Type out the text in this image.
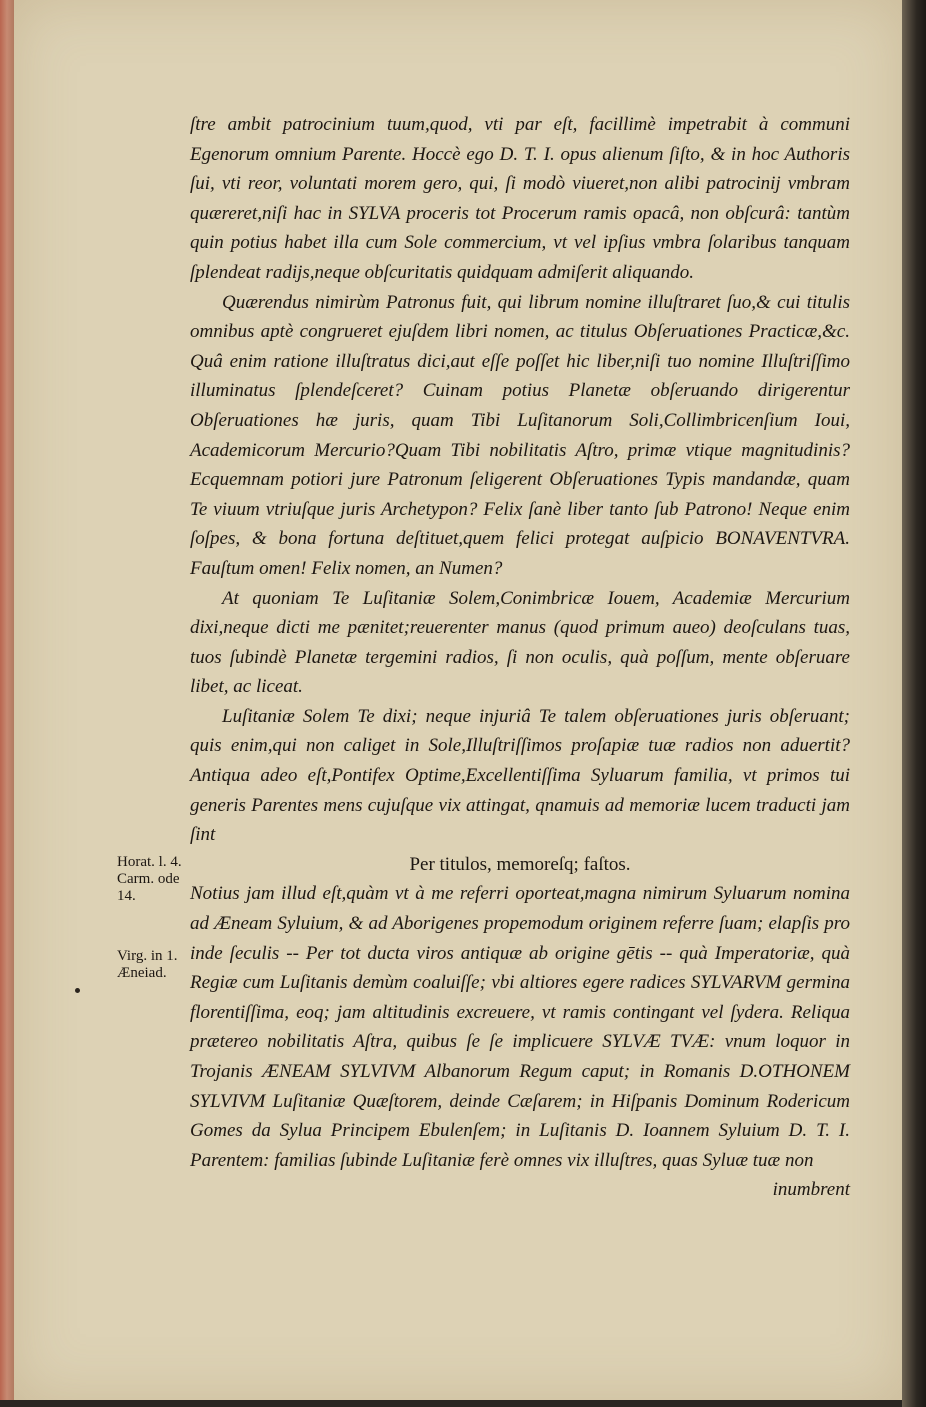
ſtre ambit patrocinium tuum,quod, vti par eſt, facillimè impetrabit à communi Egenorum omnium Parente. Hoccè ego D. T. I. opus alienum ſiſto, & in hoc Authoris ſui, vti reor, voluntati morem gero, qui, ſi modò viueret,non alibi patrocinij vmbram quæreret,niſi hac in SYLVA proceris tot Procerum ramis opacâ, non obſcurâ: tantùm quin potius habet illa cum Sole commercium, vt vel ipſius vmbra ſolaribus tanquam ſplendeat radijs,neque obſcuritatis quidquam admiſerit aliquando.

Quærendus nimirùm Patronus fuit, qui librum nomine illuſtraret ſuo,& cui titulis omnibus aptè congrueret ejuſdem libri nomen, ac titulus Obſeruationes Practicæ,&c. Quâ enim ratione illuſtratus dici,aut eſſe poſſet hic liber,niſi tuo nomine Illuſtriſſimo illuminatus ſplendeſceret? Cuinam potius Planetæ obſeruando dirigerentur Obſeruationes hæ juris, quam Tibi Luſitanorum Soli,Collimbricenſium Ioui, Academicorum Mercurio?Quam Tibi nobilitatis Aſtro, primæ vtique magnitudinis? Ecquemnam potiori jure Patronum ſeligerent Obſeruationes Typis mandandæ, quam Te viuum vtriuſque juris Archetypon? Felix ſanè liber tanto ſub Patrono! Neque enim ſoſpes, & bona fortuna deſtituet,quem felici protegat auſpicio BONAVENTVRA. Fauſtum omen! Felix nomen, an Numen?

At quoniam Te Luſitaniæ Solem,Conimbricæ Iouem, Academiæ Mercurium dixi,neque dicti me pænitet;reuerenter manus (quod primum aueo) deoſculans tuas, tuos ſubindè Planetæ tergemini radios, ſi non oculis, quà poſſum, mente obſeruare libet, ac liceat.

Luſitaniæ Solem Te dixi; neque injuriâ Te talem obſeruationes juris obſeruant; quis enim,qui non caliget in Sole,Illuſtriſſimos proſapiæ tuæ radios non aduertit? Antiqua adeo eſt,Pontifex Optime,Excellentiſſima Syluarum familia, vt primos tui generis Parentes mens cujuſque vix attingat, qnamuis ad memoriæ lucem traducti jam ſint

Per titulos, memoreſq; faſtos.

Notius jam illud eſt,quàm vt à me referri oporteat,magna nimirum Syluarum nomina ad Æneam Syluium, & ad Aborigenes propemodum originem referre ſuam; elapſis pro inde ſeculis -- Per tot ducta viros antiquæ ab origine gētis -- quà Imperatoriæ, quà Regiæ cum Luſitanis demùm coaluiſſe; vbi altiores egere radices SYLVARVM germina florentiſſima, eoq; jam altitudinis excreuere, vt ramis contingant vel ſydera. Reliqua prætereo nobilitatis Aſtra, quibus ſe ſe implicuere SYLVÆ TVÆ: vnum loquor in Trojanis ÆNEAM SYLVIVM Albanorum Regum caput; in Romanis D.OTHONEM SYLVIVM Luſitaniæ Quæſtorem, deinde Cæſarem; in Hiſpanis Dominum Rodericum Gomes da Sylua Principem Ebulenſem; in Luſitanis D. Ioannem Syluium D. T. I. Parentem: familias ſubinde Luſitaniæ ferè omnes vix illuſtres, quas Syluæ tuæ non

inumbrent

Horat. l. 4. Carm. ode 14.
Virg. in 1. Æneiad.
